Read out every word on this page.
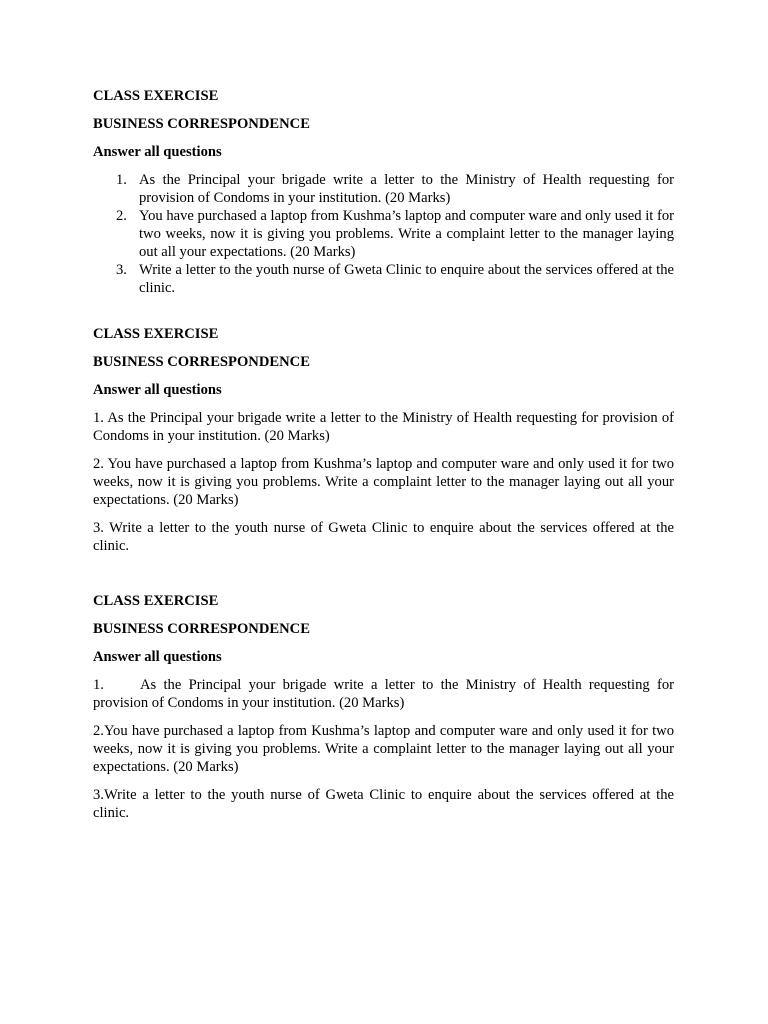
CLASS EXERCISE

BUSINESS CORRESPONDENCE

Answer all questions

1. As the Principal your brigade write a letter to the Ministry of Health requesting for provision of Condoms in your institution. (20 Marks)
2. You have purchased a laptop from Kushma’s laptop and computer ware and only used it for two weeks, now it is giving you problems. Write a complaint letter to the manager laying out all your expectations. (20 Marks)
3. Write a letter to the youth nurse of Gweta Clinic to enquire about the services offered at the clinic.

CLASS EXERCISE

BUSINESS CORRESPONDENCE

Answer all questions

1. As the Principal your brigade write a letter to the Ministry of Health requesting for provision of Condoms in your institution. (20 Marks)

2. You have purchased a laptop from Kushma’s laptop and computer ware and only used it for two weeks, now it is giving you problems. Write a complaint letter to the manager laying out all your expectations. (20 Marks)

3. Write a letter to the youth nurse of Gweta Clinic to enquire about the services offered at the clinic.

CLASS EXERCISE

BUSINESS CORRESPONDENCE

Answer all questions

1. As the Principal your brigade write a letter to the Ministry of Health requesting for provision of Condoms in your institution. (20 Marks)

2.You have purchased a laptop from Kushma’s laptop and computer ware and only used it for two weeks, now it is giving you problems. Write a complaint letter to the manager laying out all your expectations. (20 Marks)

3.Write a letter to the youth nurse of Gweta Clinic to enquire about the services offered at the clinic.
